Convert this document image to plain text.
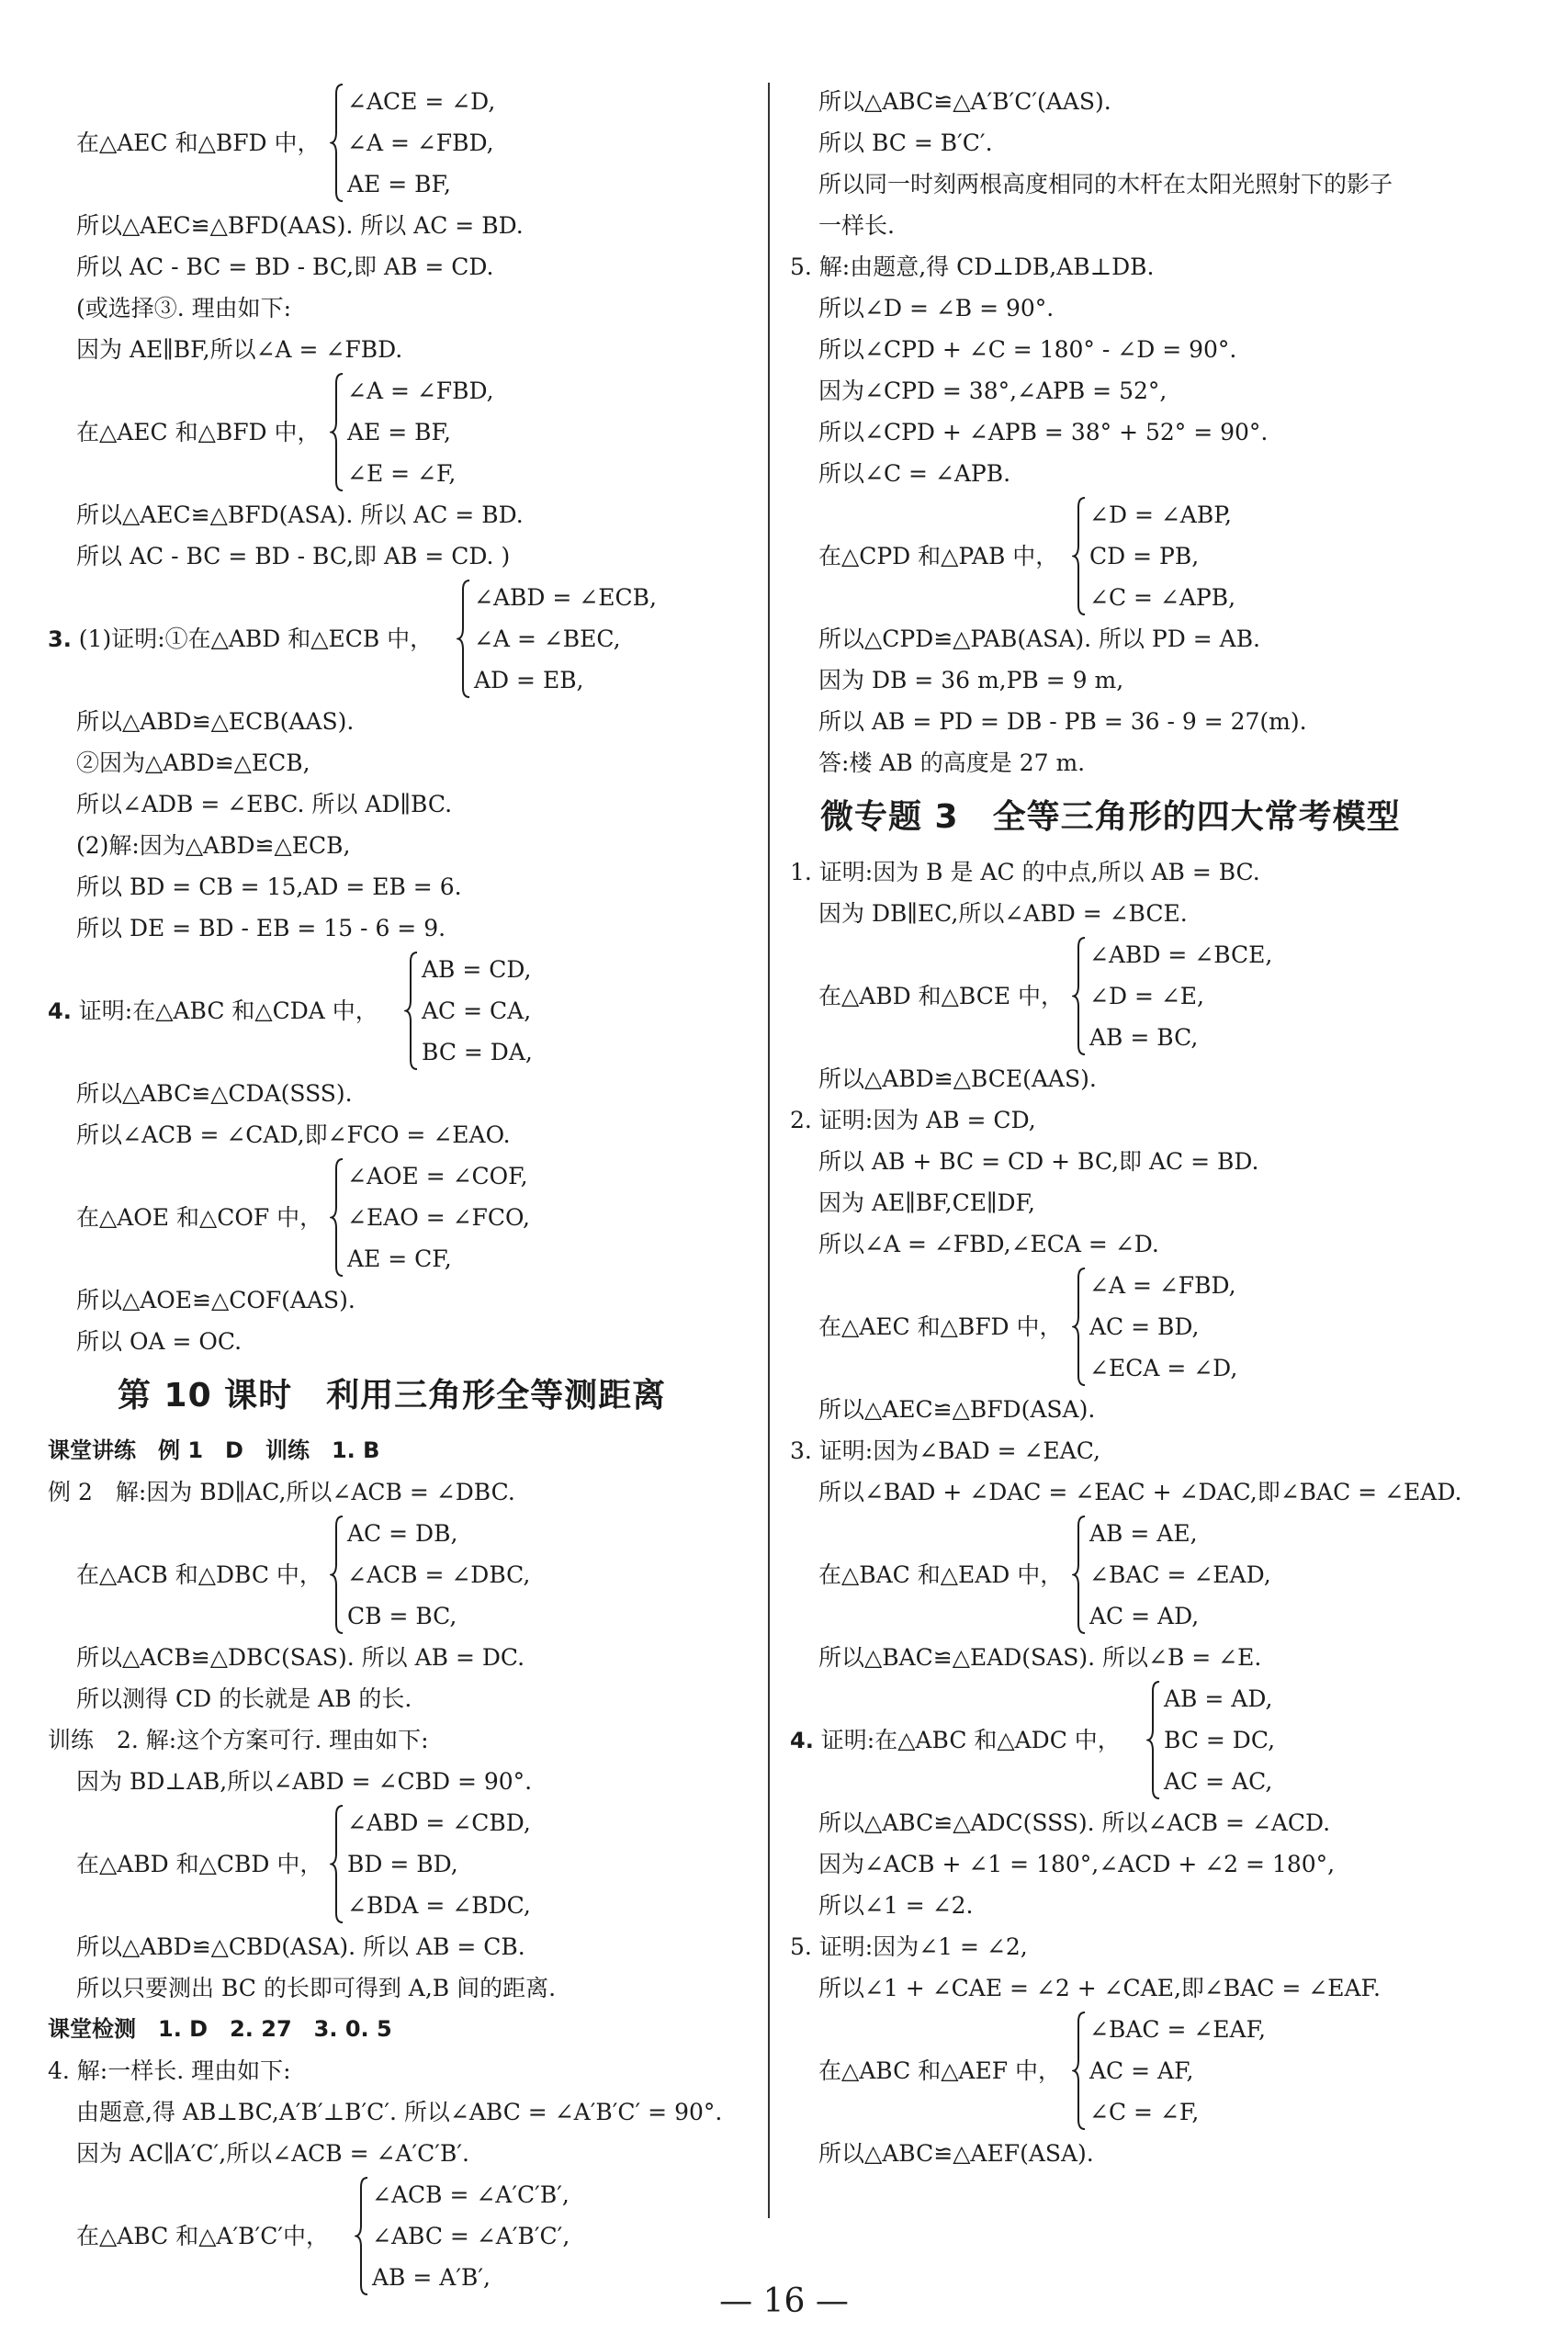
在△AEC 和△BFD 中，
∠ACE = ∠D,
∠A = ∠FBD,
AE = BF,
所以△AEC≌△BFD(AAS). 所以 AC = BD.
所以 AC - BC = BD - BC,即 AB = CD.
(或选择③. 理由如下:
因为 AE∥BF,所以∠A = ∠FBD.
在△AEC 和△BFD 中，
∠A = ∠FBD,
AE = BF,
∠E = ∠F,
所以△AEC≌△BFD(ASA). 所以 AC = BD.
所以 AC - BC = BD - BC,即 AB = CD. )
3. (1)证明:①在△ABD 和△ECB 中，
∠ABD = ∠ECB,
∠A = ∠BEC,
AD = EB,
所以△ABD≌△ECB(AAS).
②因为△ABD≌△ECB,
所以∠ADB = ∠EBC. 所以 AD∥BC.
(2)解:因为△ABD≌△ECB,
所以 BD = CB = 15,AD = EB = 6.
所以 DE = BD - EB = 15 - 6 = 9.
4. 证明:在△ABC 和△CDA 中，
AB = CD,
AC = CA,
BC = DA,
所以△ABC≌△CDA(SSS).
所以∠ACB = ∠CAD,即∠FCO = ∠EAO.
在△AOE 和△COF 中，
∠AOE = ∠COF,
∠EAO = ∠FCO,
AE = CF,
所以△AOE≌△COF(AAS).
所以 OA = OC.
第 10 课时　利用三角形全等测距离
课堂讲练　例 1　D　训练　1. B
例 2　解:因为 BD∥AC,所以∠ACB = ∠DBC.
在△ACB 和△DBC 中，
AC = DB,
∠ACB = ∠DBC,
CB = BC,
所以△ACB≌△DBC(SAS). 所以 AB = DC.
所以测得 CD 的长就是 AB 的长.
训练　2. 解:这个方案可行. 理由如下:
因为 BD⊥AB,所以∠ABD = ∠CBD = 90°.
在△ABD 和△CBD 中，
∠ABD = ∠CBD,
BD = BD,
∠BDA = ∠BDC,
所以△ABD≌△CBD(ASA). 所以 AB = CB.
所以只要测出 BC 的长即可得到 A,B 间的距离.
课堂检测　1. D　2. 27　3. 0. 5
4. 解:一样长. 理由如下:
由题意,得 AB⊥BC,A′B′⊥B′C′. 所以∠ABC = ∠A′B′C′ = 90°.
因为 AC∥A′C′,所以∠ACB = ∠A′C′B′.
在△ABC 和△A′B′C′中，
∠ACB = ∠A′C′B′,
∠ABC = ∠A′B′C′,
AB = A′B′,
所以△ABC≌△A′B′C′(AAS).
所以 BC = B′C′.
所以同一时刻两根高度相同的木杆在太阳光照射下的影子
一样长.
5. 解:由题意,得 CD⊥DB,AB⊥DB.
所以∠D = ∠B = 90°.
所以∠CPD + ∠C = 180° - ∠D = 90°.
因为∠CPD = 38°,∠APB = 52°,
所以∠CPD + ∠APB = 38° + 52° = 90°.
所以∠C = ∠APB.
在△CPD 和△PAB 中，
∠D = ∠ABP,
CD = PB,
∠C = ∠APB,
所以△CPD≌△PAB(ASA). 所以 PD = AB.
因为 DB = 36 m,PB = 9 m,
所以 AB = PD = DB - PB = 36 - 9 = 27(m).
答:楼 AB 的高度是 27 m.
微专题 3　全等三角形的四大常考模型
1. 证明:因为 B 是 AC 的中点,所以 AB = BC.
因为 DB∥EC,所以∠ABD = ∠BCE.
在△ABD 和△BCE 中，
∠ABD = ∠BCE,
∠D = ∠E,
AB = BC,
所以△ABD≌△BCE(AAS).
2. 证明:因为 AB = CD,
所以 AB + BC = CD + BC,即 AC = BD.
因为 AE∥BF,CE∥DF,
所以∠A = ∠FBD,∠ECA = ∠D.
在△AEC 和△BFD 中，
∠A = ∠FBD,
AC = BD,
∠ECA = ∠D,
所以△AEC≌△BFD(ASA).
3. 证明:因为∠BAD = ∠EAC,
所以∠BAD + ∠DAC = ∠EAC + ∠DAC,即∠BAC = ∠EAD.
在△BAC 和△EAD 中，
AB = AE,
∠BAC = ∠EAD,
AC = AD,
所以△BAC≌△EAD(SAS). 所以∠B = ∠E.
4. 证明:在△ABC 和△ADC 中，
AB = AD,
BC = DC,
AC = AC,
所以△ABC≌△ADC(SSS). 所以∠ACB = ∠ACD.
因为∠ACB + ∠1 = 180°,∠ACD + ∠2 = 180°,
所以∠1 = ∠2.
5. 证明:因为∠1 = ∠2,
所以∠1 + ∠CAE = ∠2 + ∠CAE,即∠BAC = ∠EAF.
在△ABC 和△AEF 中，
∠BAC = ∠EAF,
AC = AF,
∠C = ∠F,
所以△ABC≌△AEF(ASA).
— 16 —
